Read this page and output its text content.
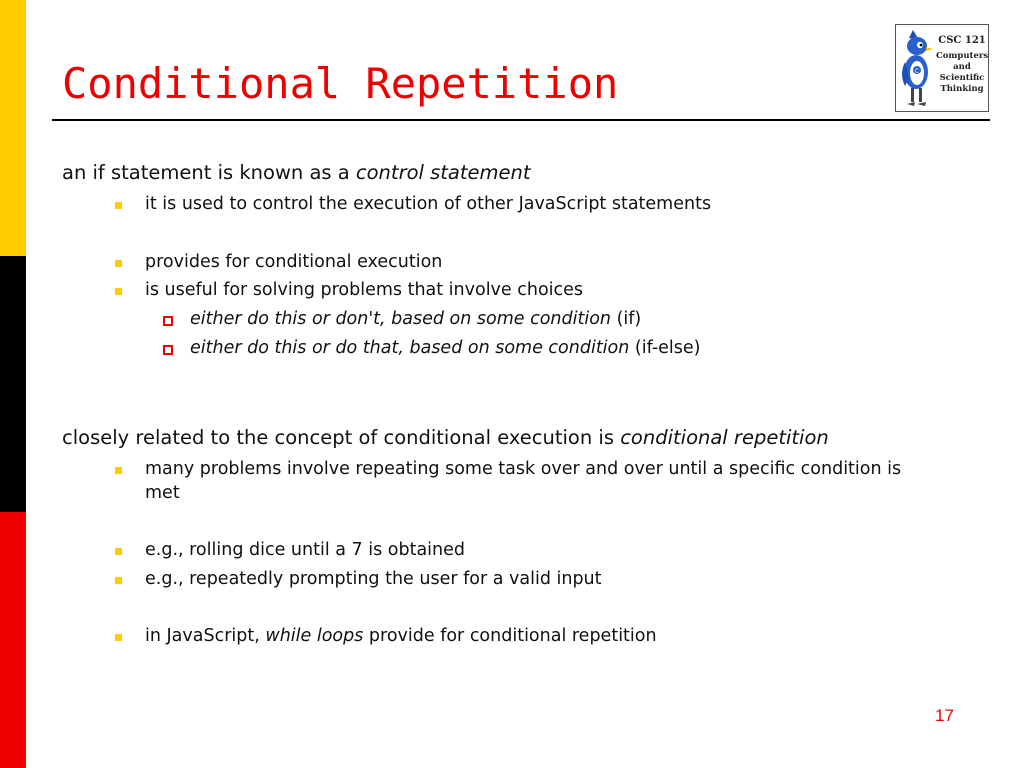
Conditional Repetition	C
CSC 121
Computers
and
Scientific
Thinking
an if statement is known as a control statement
it is used to control the execution of other JavaScript statements
provides for conditional execution
is useful for solving problems that involve choices
either do this or don't, based on some condition (if)
either do this or do that, based on some condition (if-else)
closely related to the concept of conditional execution is conditional repetition
many problems involve repeating some task over and over until a specific condition is met
e.g., rolling dice until a 7 is obtained
e.g., repeatedly prompting the user for a valid input
in JavaScript, while loops provide for conditional repetition
17
